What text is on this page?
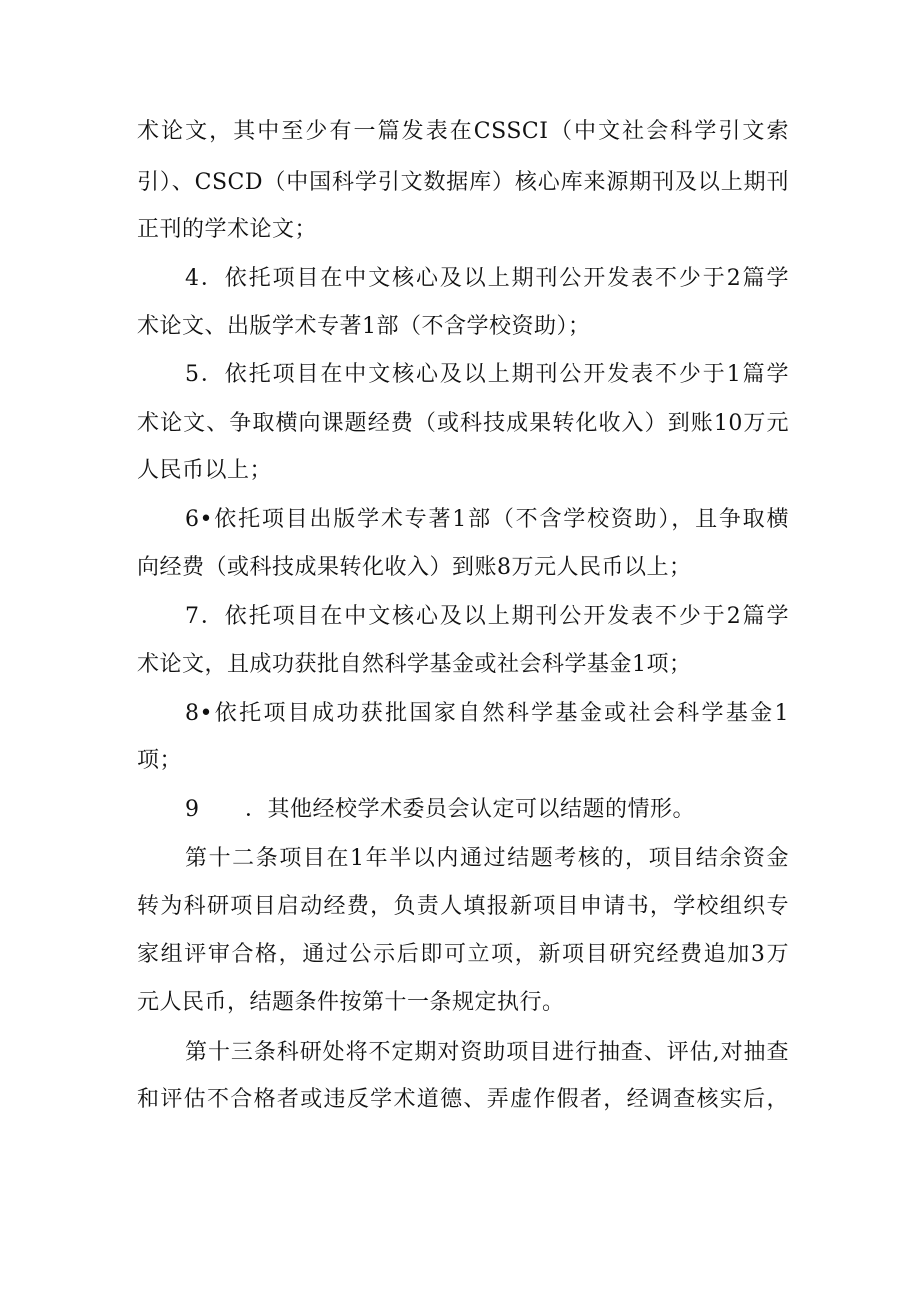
术论文，其中至少有一篇发表在CSSCI（中文社会科学引文索
引）、CSCD（中国科学引文数据库）核心库来源期刊及以上期刊
正刊的学术论文；
4．依托项目在中文核心及以上期刊公开发表不少于2篇学
术论文、出版学术专著1部（不含学校资助）；
5．依托项目在中文核心及以上期刊公开发表不少于1篇学
术论文、争取横向课题经费（或科技成果转化收入）到账10万元
人民币以上；
6•依托项目出版学术专著1部（不含学校资助），且争取横
向经费（或科技成果转化收入）到账8万元人民币以上；
7．依托项目在中文核心及以上期刊公开发表不少于2篇学
术论文，且成功获批自然科学基金或社会科学基金1项；
8•依托项目成功获批国家自然科学基金或社会科学基金1
项；
9 ．其他经校学术委员会认定可以结题的情形。
第十二条项目在1年半以内通过结题考核的，项目结余资金
转为科研项目启动经费，负责人填报新项目申请书，学校组织专
家组评审合格，通过公示后即可立项，新项目研究经费追加3万
元人民币，结题条件按第十一条规定执行。
第十三条科研处将不定期对资助项目进行抽查、评估,对抽查
和评估不合格者或违反学术道德、弄虚作假者，经调查核实后，
